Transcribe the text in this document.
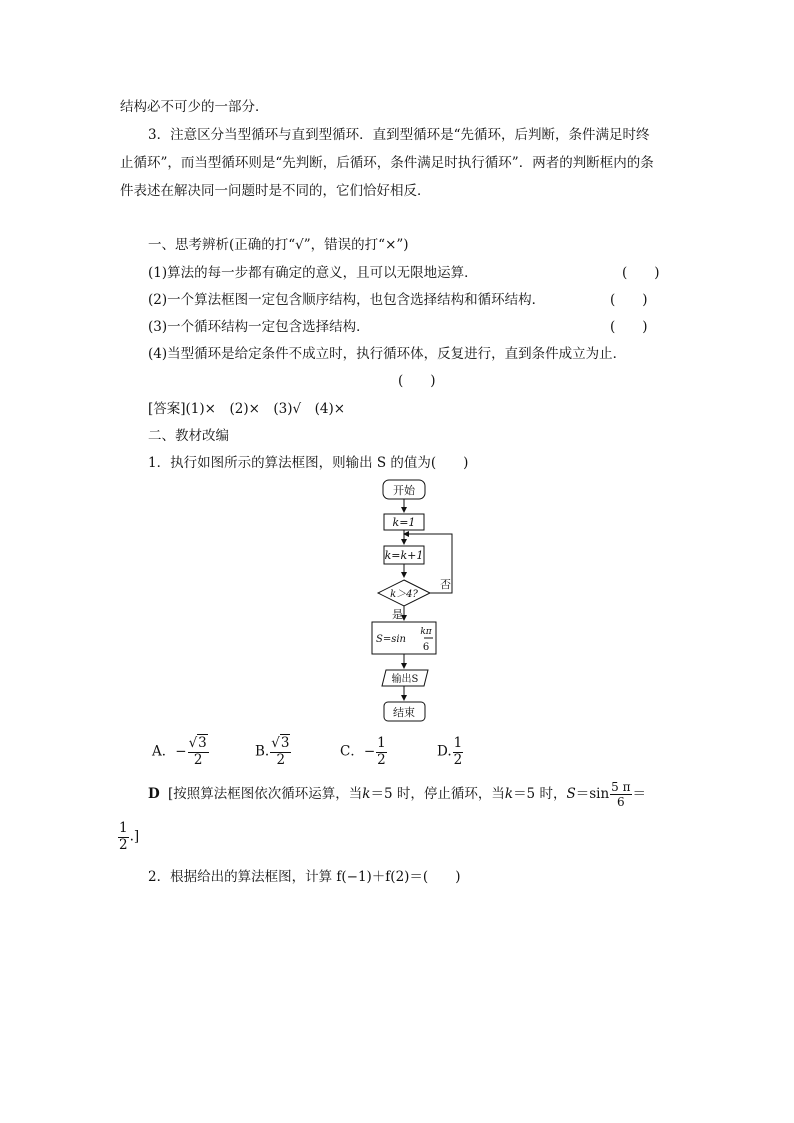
结构必不可少的一部分．
3．注意区分当型循环与直到型循环．直到型循环是“先循环，后判断，条件满足时终
止循环”，而当型循环则是“先判断，后循环，条件满足时执行循环”．两者的判断框内的条
件表述在解决同一问题时是不同的，它们恰好相反．
一、思考辨析(正确的打“√”，错误的打“×”)
(1)算法的每一步都有确定的意义，且可以无限地运算．	(　　)
(2)一个算法框图一定包含顺序结构，也包含选择结构和循环结构．	(　　)
(3)一个循环结构一定包含选择结构．	(　　)
(4)当型循环是给定条件不成立时，执行循环体，反复进行，直到条件成立为止．
(　　)
[答案](1)×　(2)×　(3)√　(4)×
二、教材改编
1．执行如图所示的算法框图，则输出 S 的值为(　　)
开始
k=1
k=k+1
k＞4?
否
是
S=sin
kπ
6
输出S
结束
A．− $\frac{√3}{2}$	B. $\frac{√3}{2}$	C．− $\frac{1}{2}$	D. $\frac{1}{2}$
D [按照算法框图依次循环运算，当k＝5 时，停止循环，当k＝5 时，$S=\sin \frac{5 \pi}{6}$ ＝
$\frac{1}{2}$ .]
2．根据给出的算法框图，计算 f(−1)＋f(2)＝(　　)
